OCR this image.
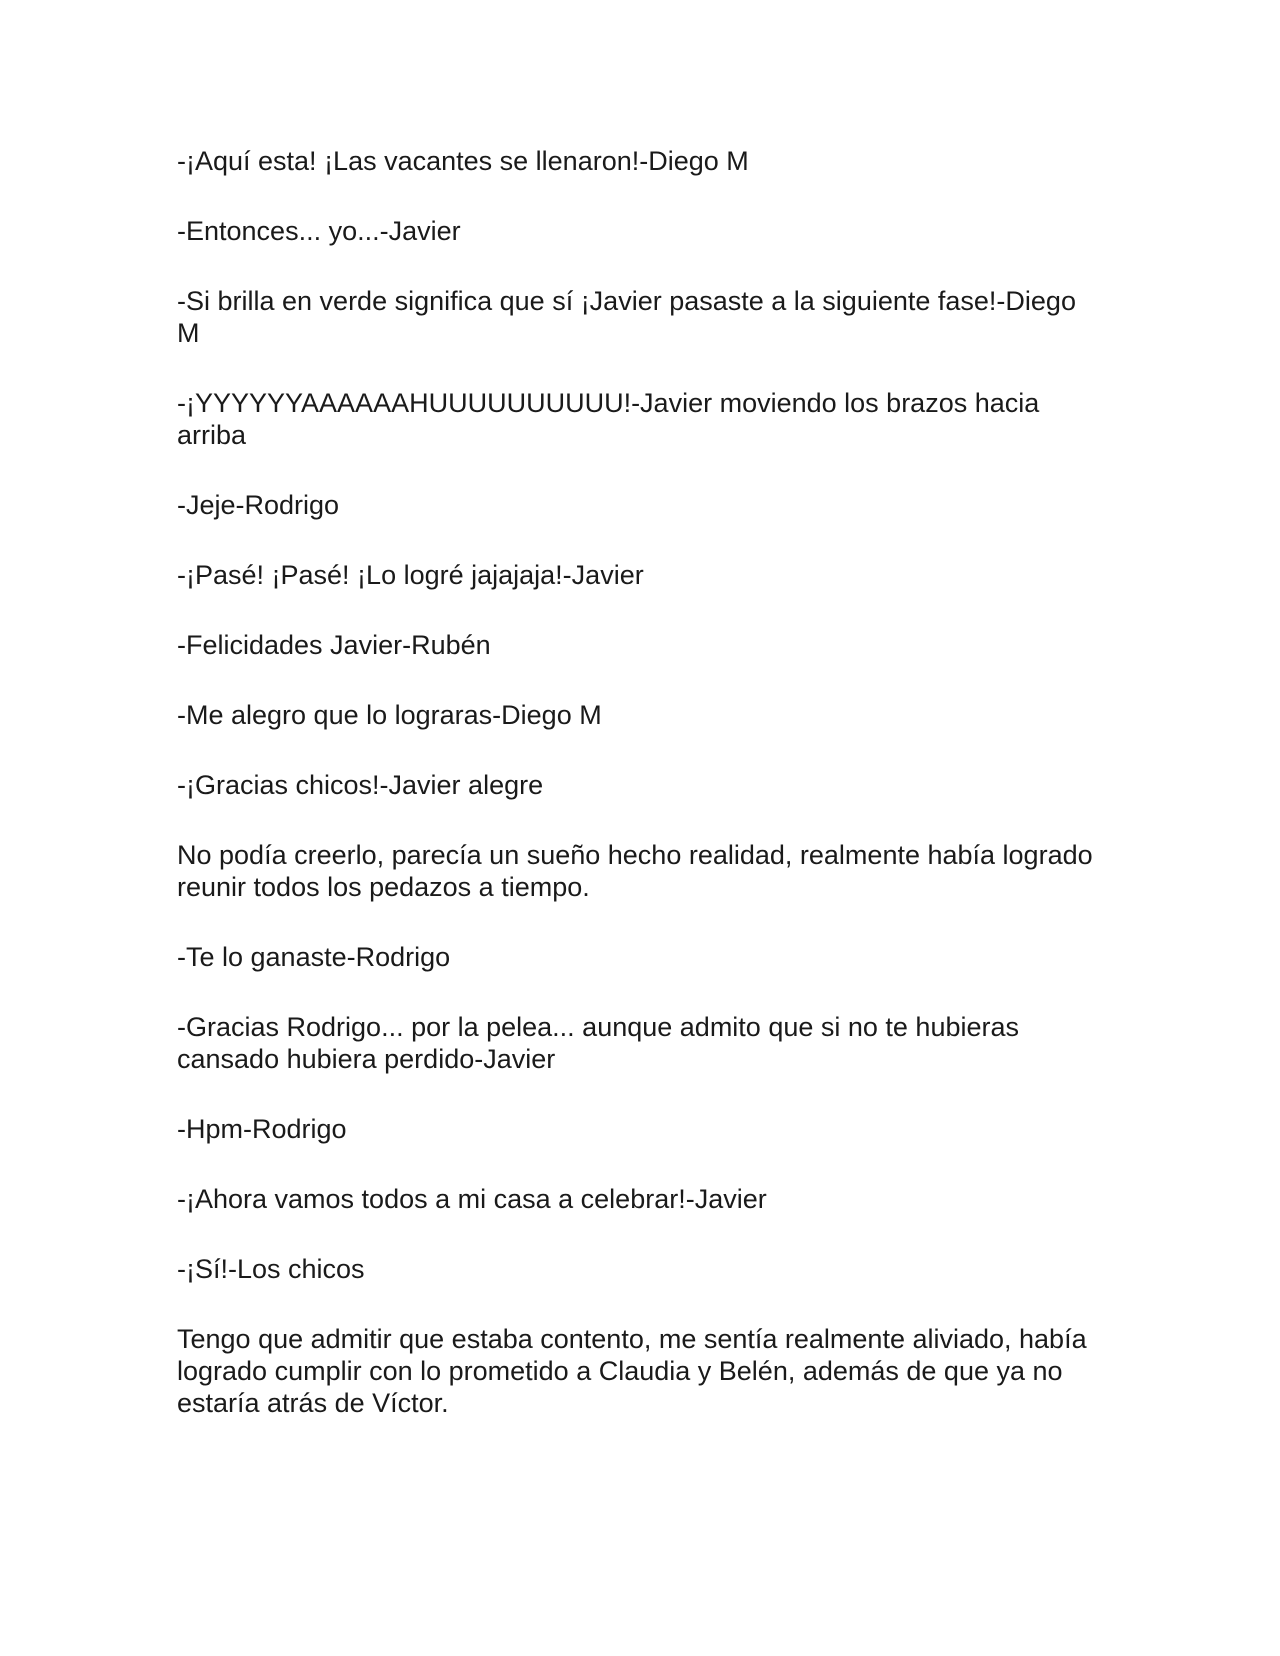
-¡Aquí esta! ¡Las vacantes se llenaron!-Diego M

-Entonces... yo...-Javier

-Si brilla en verde significa que sí ¡Javier pasaste a la siguiente fase!-Diego M

-¡YYYYYYAAAAAAHUUUUUUUUUU!-Javier moviendo los brazos hacia arriba

-Jeje-Rodrigo

-¡Pasé! ¡Pasé! ¡Lo logré jajajaja!-Javier

-Felicidades Javier-Rubén

-Me alegro que lo lograras-Diego M

-¡Gracias chicos!-Javier alegre

No podía creerlo, parecía un sueño hecho realidad, realmente había logrado reunir todos los pedazos a tiempo.

-Te lo ganaste-Rodrigo

-Gracias Rodrigo... por la pelea... aunque admito que si no te hubieras cansado hubiera perdido-Javier

-Hpm-Rodrigo

-¡Ahora vamos todos a mi casa a celebrar!-Javier

-¡Sí!-Los chicos

Tengo que admitir que estaba contento, me sentía realmente aliviado, había logrado cumplir con lo prometido a Claudia y Belén, además de que ya no estaría atrás de Víctor.
